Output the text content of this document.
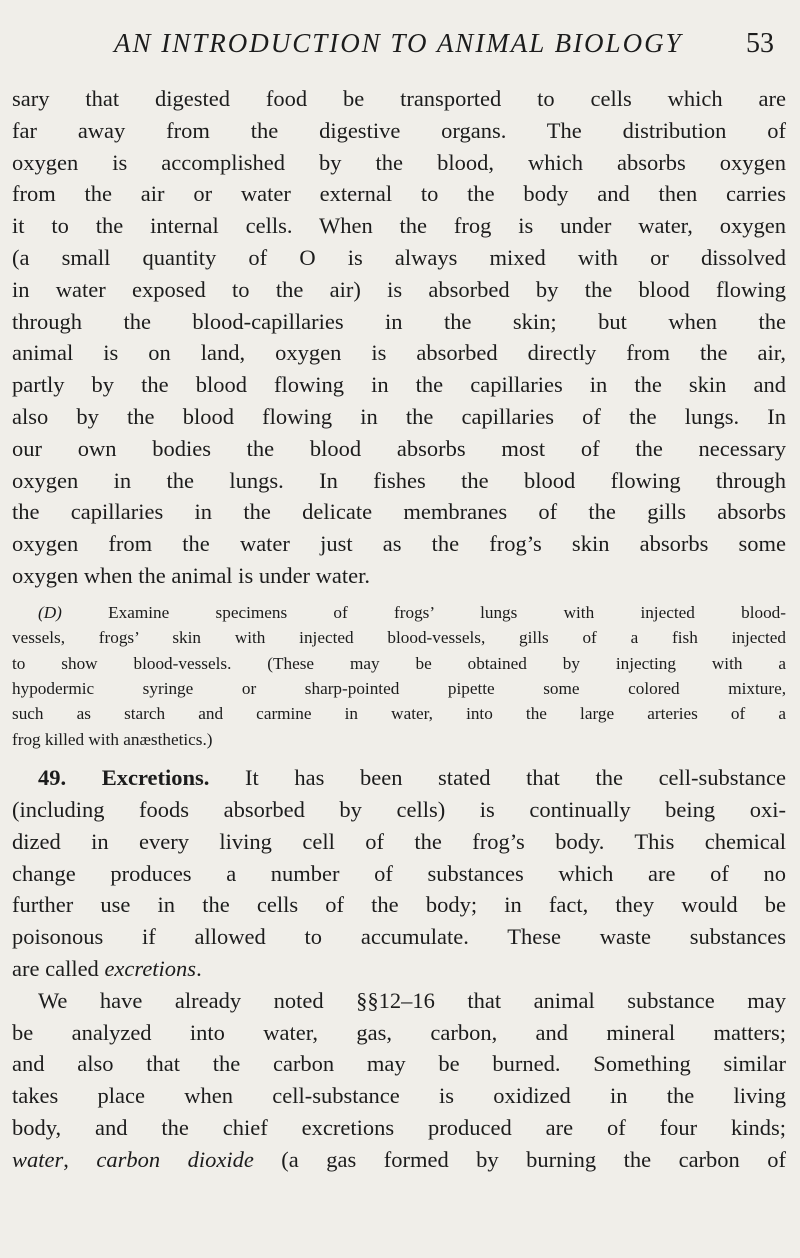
AN INTRODUCTION TO ANIMAL BIOLOGY 53
sary that digested food be transported to cells which are
far away from the digestive organs. The distribution of
oxygen is accomplished by the blood, which absorbs oxygen
from the air or water external to the body and then carries
it to the internal cells. When the frog is under water, oxygen
(a small quantity of O is always mixed with or dissolved
in water exposed to the air) is absorbed by the blood flowing
through the blood-capillaries in the skin; but when the
animal is on land, oxygen is absorbed directly from the air,
partly by the blood flowing in the capillaries in the skin and
also by the blood flowing in the capillaries of the lungs. In
our own bodies the blood absorbs most of the necessary
oxygen in the lungs. In fishes the blood flowing through
the capillaries in the delicate membranes of the gills absorbs
oxygen from the water just as the frog’s skin absorbs some
oxygen when the animal is under water.
(D)	Examine specimens of frogs’ lungs with injected blood-
vessels, frogs’ skin with injected blood-vessels, gills of a fish injected
to show blood-vessels. (These may be obtained by injecting with a
hypodermic syringe or sharp-pointed pipette some colored mixture,
such as starch and carmine in water, into the large arteries of a
frog killed with anæsthetics.)
49. Excretions. It has been stated that the cell-substance
(including foods absorbed by cells) is continually being oxi-
dized in every living cell of the frog’s body. This chemical
change produces a number of substances which are of no
further use in the cells of the body; in fact, they would be
poisonous if allowed to accumulate. These waste substances
are called excretions.
We have already noted §§12–16 that animal substance may
be analyzed into water, gas, carbon, and mineral matters;
and also that the carbon may be burned. Something similar
takes place when cell-substance is oxidized in the living
body, and the chief excretions produced are of four kinds;
water, carbon dioxide (a gas formed by burning the carbon of
